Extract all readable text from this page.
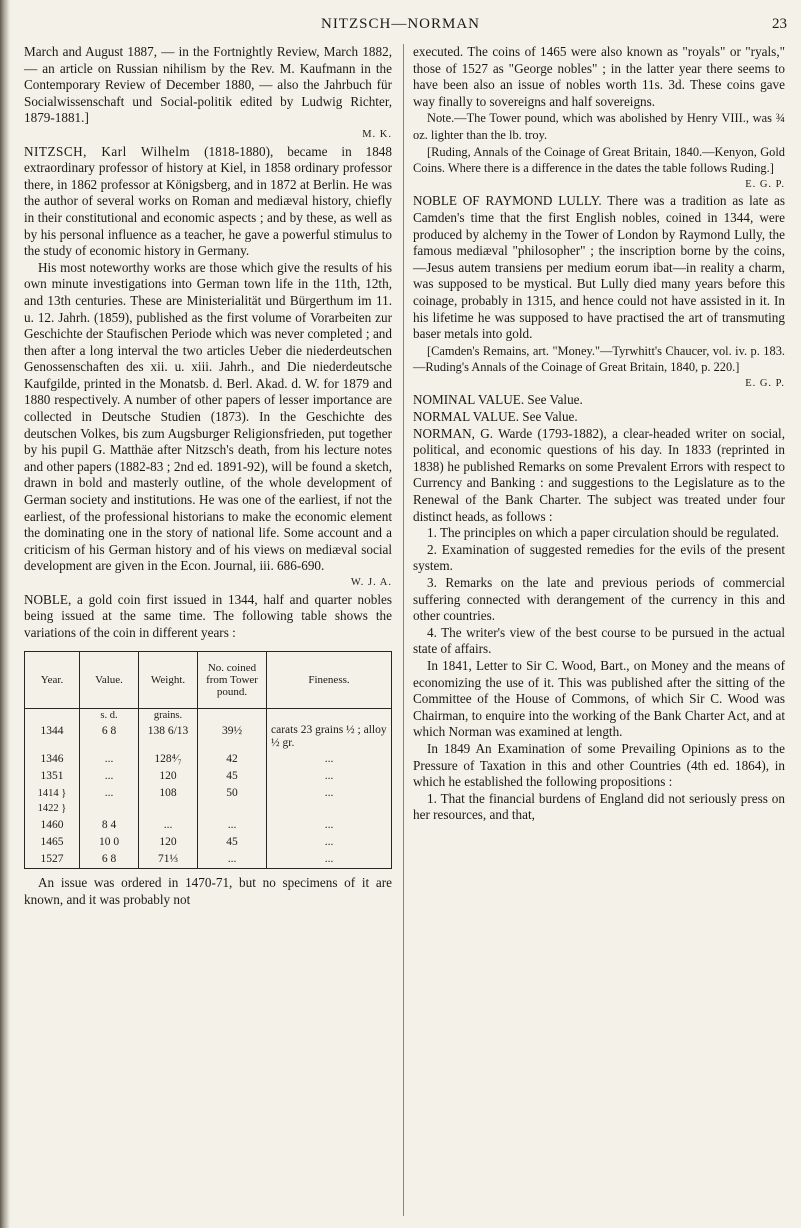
NITZSCH—NORMAN	23

March and August 1887, — in the Fortnightly Review, March 1882, — an article on Russian nihilism by the Rev. M. Kaufmann in the Contemporary Review of December 1880, — also the Jahrbuch für Socialwissenschaft und Social-politik edited by Ludwig Richter, 1879-1881.]

M. K.

NITZSCH, Karl Wilhelm (1818-1880), became in 1848 extraordinary professor of history at Kiel, in 1858 ordinary professor there, in 1862 professor at Königsberg, and in 1872 at Berlin. He was the author of several works on Roman and mediæval history, chiefly in their constitutional and economic aspects ; and by these, as well as by his personal influence as a teacher, he gave a powerful stimulus to the study of economic history in Germany.

His most noteworthy works are those which give the results of his own minute investigations into German town life in the 11th, 12th, and 13th centuries. These are Ministerialität und Bürgerthum im 11. u. 12. Jahrh. (1859), published as the first volume of Vorarbeiten zur Geschichte der Staufischen Periode which was never completed ; and then after a long interval the two articles Ueber die niederdeutschen Genossenschaften des xii. u. xiii. Jahrh., and Die niederdeutsche Kaufgilde, printed in the Monatsb. d. Berl. Akad. d. W. for 1879 and 1880 respectively. A number of other papers of lesser importance are collected in Deutsche Studien (1873). In the Geschichte des deutschen Volkes, bis zum Augsburger Religionsfrieden, put together by his pupil G. Matthäe after Nitzsch's death, from his lecture notes and other papers (1882-83 ; 2nd ed. 1891-92), will be found a sketch, drawn in bold and masterly outline, of the whole development of German society and institutions. He was one of the earliest, if not the earliest, of the professional historians to make the economic element the dominating one in the story of national life. Some account and a criticism of his German history and of his views on mediæval social development are given in the Econ. Journal, iii. 686-690.

W. J. A.

NOBLE, a gold coin first issued in 1344, half and quarter nobles being issued at the same time. The following table shows the variations of the coin in different years :

Year.	Value.	Weight.	No. coined from Tower pound.	Fineness.
	s. d.	grains.		
1344	6 8	138 6/13	39½	carats 23 grains ½ ; alloy ½ gr.
1346	...	128⁴⁄₇	42	...
1351	...	120	45	...
1414 } 1422 }	...	108	50	...
1460	8 4	...	...	...
1465	10 0	120	45	...
1527	6 8	71⅓	...	...

An issue was ordered in 1470-71, but no specimens of it are known, and it was probably not

executed. The coins of 1465 were also known as "royals" or "ryals," those of 1527 as "George nobles" ; in the latter year there seems to have been also an issue of nobles worth 11s. 3d. These coins gave way finally to sovereigns and half sovereigns.

Note.—The Tower pound, which was abolished by Henry VIII., was ¾ oz. lighter than the lb. troy.

[Ruding, Annals of the Coinage of Great Britain, 1840.—Kenyon, Gold Coins. Where there is a difference in the dates the table follows Ruding.]

E. G. P.

NOBLE OF RAYMOND LULLY. There was a tradition as late as Camden's time that the first English nobles, coined in 1344, were produced by alchemy in the Tower of London by Raymond Lully, the famous mediæval "philosopher" ; the inscription borne by the coins,—Jesus autem transiens per medium eorum ibat—in reality a charm, was supposed to be mystical. But Lully died many years before this coinage, probably in 1315, and hence could not have assisted in it. In his lifetime he was supposed to have practised the art of transmuting baser metals into gold.

[Camden's Remains, art. "Money."—Tyrwhitt's Chaucer, vol. iv. p. 183.—Ruding's Annals of the Coinage of Great Britain, 1840, p. 220.]

E. G. P.

NOMINAL VALUE. See Value.

NORMAL VALUE. See Value.

NORMAN, G. Warde (1793-1882), a clear-headed writer on social, political, and economic questions of his day. In 1833 (reprinted in 1838) he published Remarks on some Prevalent Errors with respect to Currency and Banking : and suggestions to the Legislature as to the Renewal of the Bank Charter. The subject was treated under four distinct heads, as follows :

1. The principles on which a paper circulation should be regulated.

2. Examination of suggested remedies for the evils of the present system.

3. Remarks on the late and previous periods of commercial suffering connected with derangement of the currency in this and other countries.

4. The writer's view of the best course to be pursued in the actual state of affairs.

In 1841, Letter to Sir C. Wood, Bart., on Money and the means of economizing the use of it. This was published after the sitting of the Committee of the House of Commons, of which Sir C. Wood was Chairman, to enquire into the working of the Bank Charter Act, and at which Norman was examined at length.

In 1849 An Examination of some Prevailing Opinions as to the Pressure of Taxation in this and other Countries (4th ed. 1864), in which he established the following propositions :

1. That the financial burdens of England did not seriously press on her resources, and that,
